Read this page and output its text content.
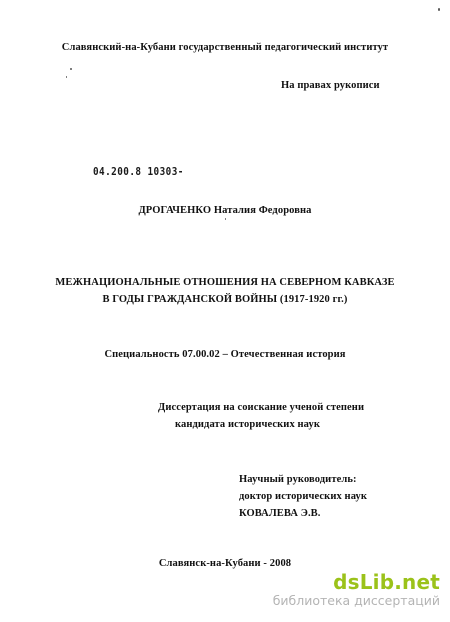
Славянский-на-Кубани государственный педагогический институт
На правах рукописи
04.200.8 10303-
ДРОГАЧЕНКО Наталия Федоровна
МЕЖНАЦИОНАЛЬНЫЕ ОТНОШЕНИЯ НА СЕВЕРНОМ КАВКАЗЕ
В ГОДЫ ГРАЖДАНСКОЙ ВОЙНЫ (1917-1920 гг.)
Специальность 07.00.02 – Отечественная история
Диссертация на соискание ученой степени
кандидата исторических наук
Научный руководитель:
доктор исторических наук
КОВАЛЕВА Э.В.
Славянск-на-Кубани - 2008
dsLib.net
библиотека диссертаций
